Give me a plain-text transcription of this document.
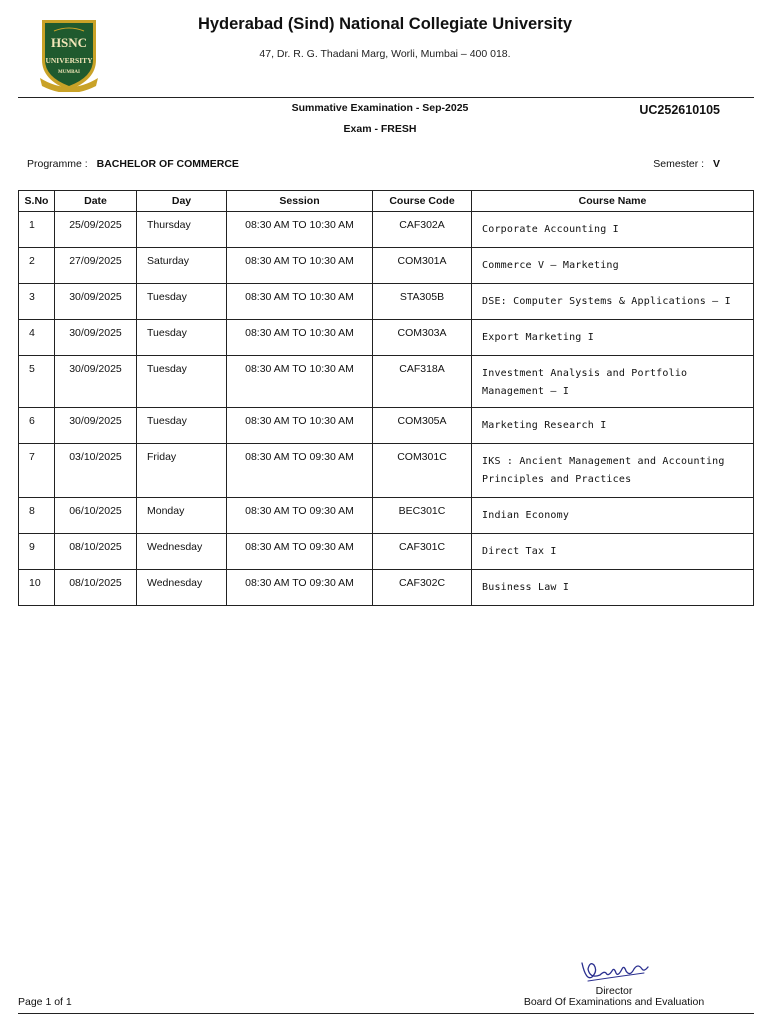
HSNC
UNIVERSITY
MUMBAI
Hyderabad (Sind) National Collegiate University
47, Dr. R. G. Thadani Marg, Worli, Mumbai – 400 018.
Summative Examination - Sep-2025
Exam - FRESH
UC252610105
Programme : BACHELOR OF COMMERCE	Semester : V
S.No	Date	Day	Session	Course Code	Course Name
1	25/09/2025	Thursday	08:30 AM TO 10:30 AM	CAF302A	Corporate Accounting I
2	27/09/2025	Saturday	08:30 AM TO 10:30 AM	COM301A	Commerce V – Marketing
3	30/09/2025	Tuesday	08:30 AM TO 10:30 AM	STA305B	DSE: Computer Systems & Applications – I
4	30/09/2025	Tuesday	08:30 AM TO 10:30 AM	COM303A	Export Marketing I
5	30/09/2025	Tuesday	08:30 AM TO 10:30 AM	CAF318A	Investment Analysis and Portfolio Management – I
6	30/09/2025	Tuesday	08:30 AM TO 10:30 AM	COM305A	Marketing Research I
7	03/10/2025	Friday	08:30 AM TO 09:30 AM	COM301C	IKS : Ancient Management and Accounting Principles and Practices
8	06/10/2025	Monday	08:30 AM TO 09:30 AM	BEC301C	Indian Economy
9	08/10/2025	Wednesday	08:30 AM TO 09:30 AM	CAF301C	Direct Tax I
10	08/10/2025	Wednesday	08:30 AM TO 09:30 AM	CAF302C	Business Law I
Director
Board Of Examinations and Evaluation
Page 1 of 1
